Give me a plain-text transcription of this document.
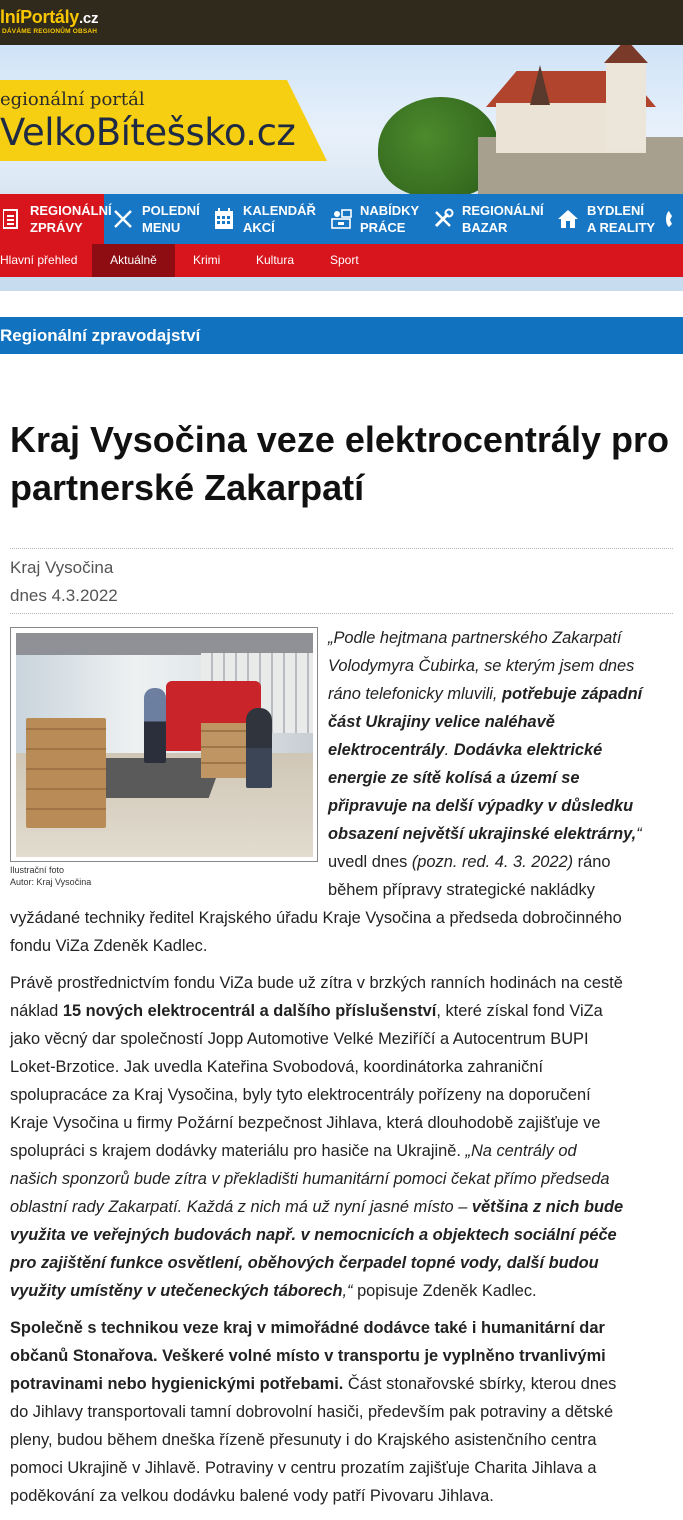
lníPortály.cz
DÁVÁME REGIONŮM OBSAH
egionální portál
VelkoBítešsko.cz
REGIONÁLNÍ
ZPRÁVY
POLEDNÍ
MENU
KALENDÁŘ
AKCÍ
NABÍDKY
PRÁCE
REGIONÁLNÍ
BAZAR
BYDLENÍ
A REALITY
Hlavní přehled	Aktuálně	Krimi	Kultura	Sport
Regionální zpravodajství
Kraj Vysočina veze elektrocentrály pro partnerské Zakarpatí
Kraj Vysočina
dnes 4.3.2022
Ilustrační foto
Autor: Kraj Vysočina
„Podle hejtmana partnerského Zakarpatí
Volodymyra Čubirka, se kterým jsem dnes
ráno telefonicky mluvili, potřebuje západní
část Ukrajiny velice naléhavě
elektrocentrály. Dodávka elektrické
energie ze sítě kolísá a území se
připravuje na delší výpadky v důsledku
obsazení největší ukrajinské elektrárny,“
uvedl dnes (pozn. red. 4. 3. 2022) ráno
během přípravy strategické nakládky
vyžádané techniky ředitel Krajského úřadu Kraje Vysočina a předseda dobročinného
fondu ViZa Zdeněk Kadlec.
Právě prostřednictvím fondu ViZa bude už zítra v brzkých ranních hodinách na cestě
náklad 15 nových elektrocentrál a dalšího příslušenství, které získal fond ViZa
jako věcný dar společností Jopp Automotive Velké Meziříčí a Autocentrum BUPI
Loket-Brzotice. Jak uvedla Kateřina Svobodová, koordinátorka zahraniční
spolupracáce za Kraj Vysočina, byly tyto elektrocentrály pořízeny na doporučení
Kraje Vysočina u firmy Požární bezpečnost Jihlava, která dlouhodobě zajišťuje ve
spolupráci s krajem dodávky materiálu pro hasiče na Ukrajině. „Na centrály od
našich sponzorů bude zítra v překladišti humanitární pomoci čekat přímo předseda
oblastní rady Zakarpatí. Každá z nich má už nyní jasné místo – většina z nich bude
využita ve veřejných budovách např. v nemocnicích a objektech sociální péče
pro zajištění funkce osvětlení, oběhových čerpadel topné vody, další budou
využity umístěny v utečeneckých táborech,“ popisuje Zdeněk Kadlec.
Společně s technikou veze kraj v mimořádné dodávce také i humanitární dar
občanů Stonařova. Veškeré volné místo v transportu je vyplněno trvanlivými
potravinami nebo hygienickými potřebami. Část stonařovské sbírky, kterou dnes
do Jihlavy transportovali tamní dobrovolní hasiči, především pak potraviny a dětské
pleny, budou během dneška řízeně přesunuty i do Krajského asistenčního centra
pomoci Ukrajině v Jihlavě. Potraviny v centru prozatím zajišťuje Charita Jihlava a
poděkování za velkou dodávku balené vody patří Pivovaru Jihlava.
